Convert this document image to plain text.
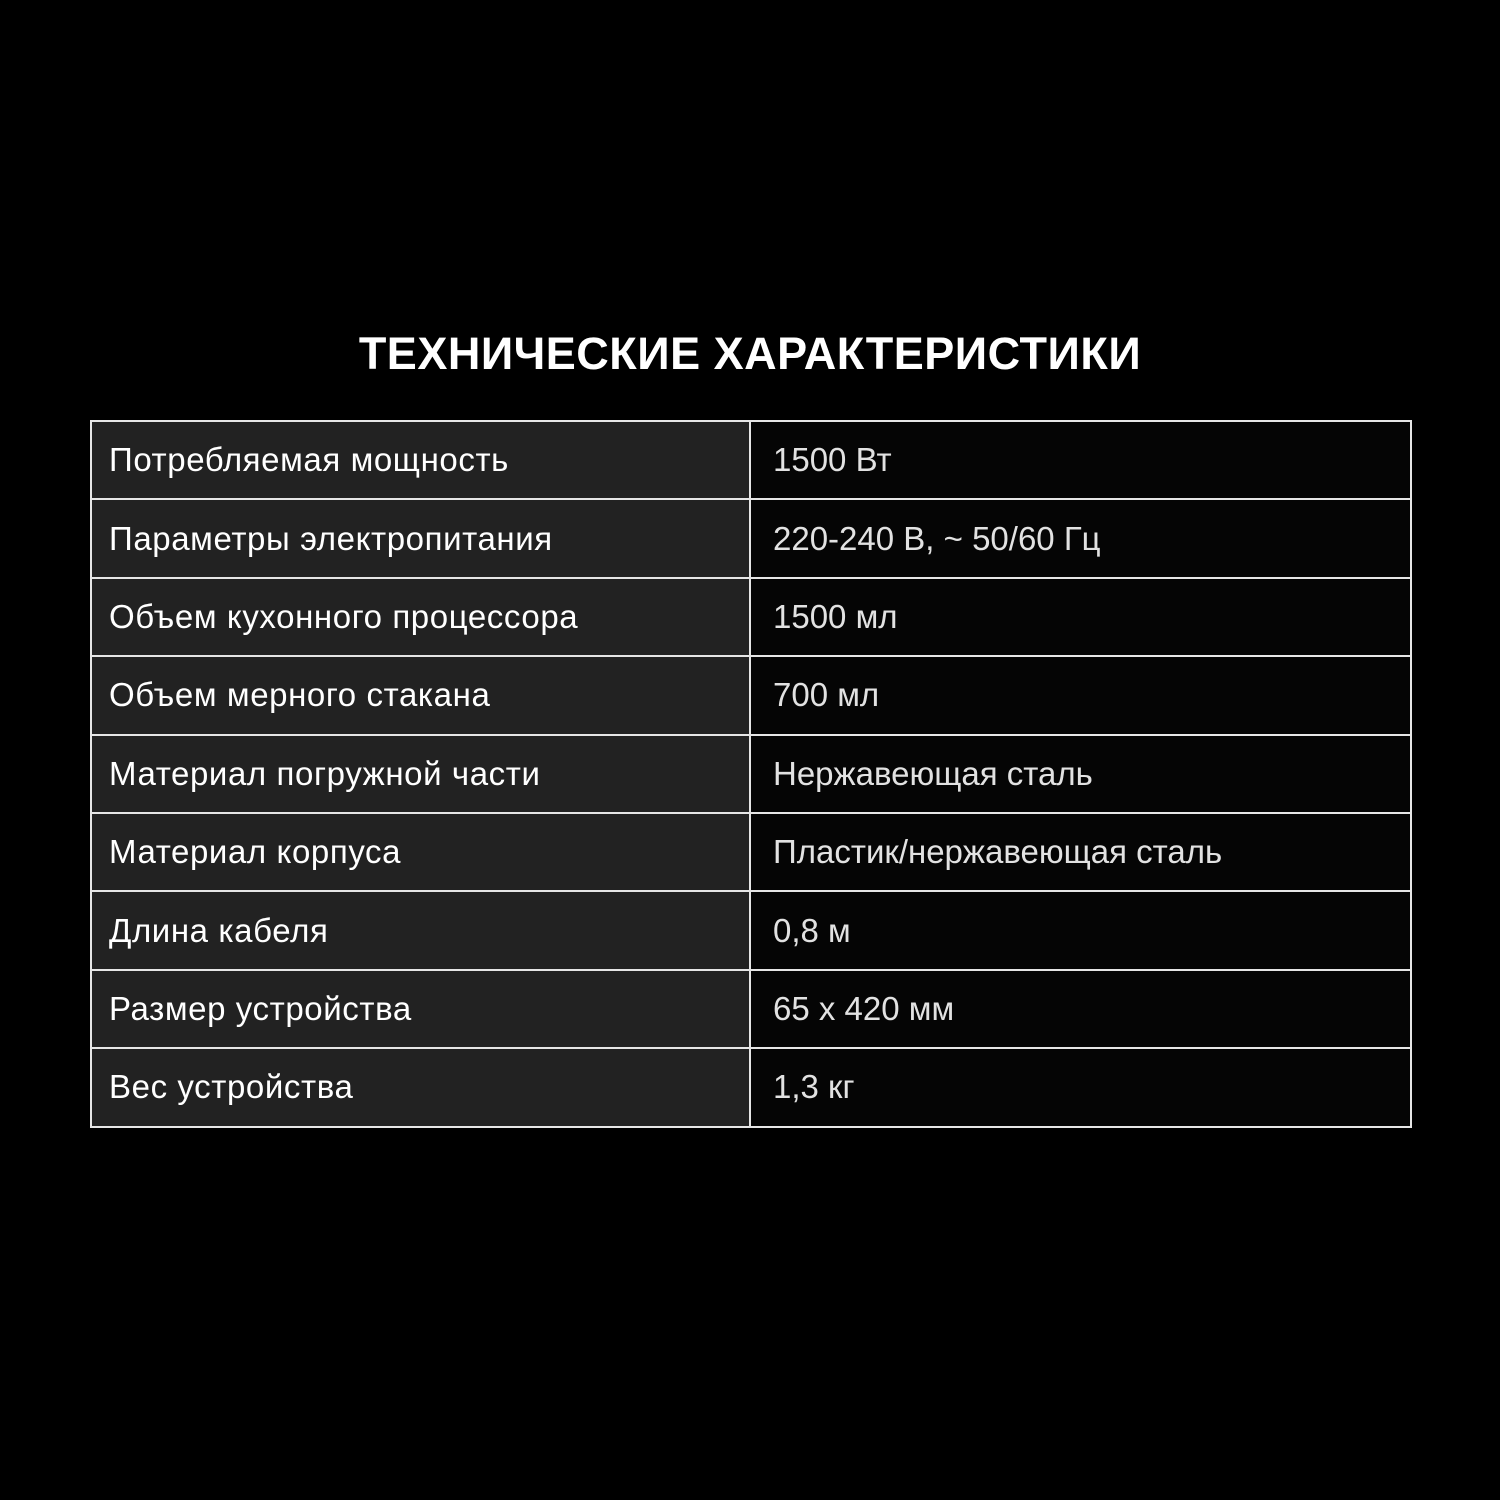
ТЕХНИЧЕСКИЕ ХАРАКТЕРИСТИКИ
Потребляемая мощность	1500 Вт
Параметры электропитания	220-240 В, ~ 50/60 Гц
Объем кухонного процессора	1500 мл
Объем мерного стакана	700 мл
Материал погружной части	Нержавеющая сталь
Материал корпуса	Пластик/нержавеющая сталь
Длина кабеля	0,8 м
Размер устройства	65 х 420 мм
Вес устройства	1,3 кг
